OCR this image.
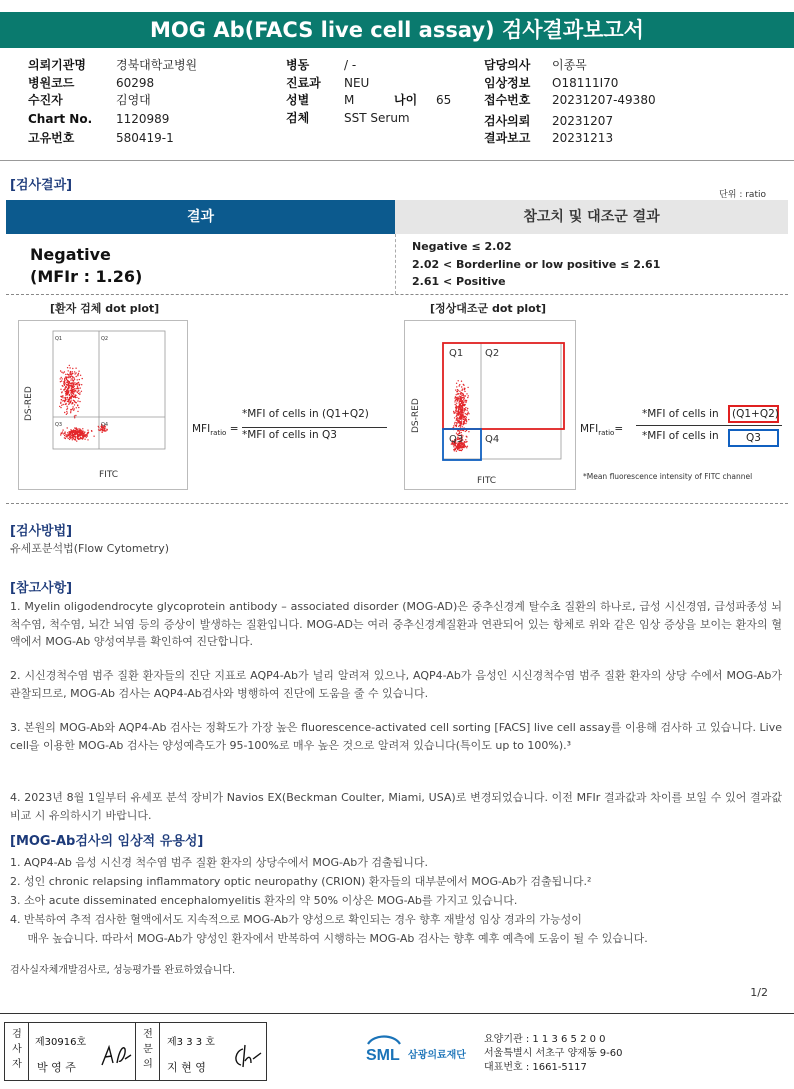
MOG Ab(FACS live cell assay) 검사결과보고서
의뢰기관명	경북대학교병원
병원코드	60298
수진자	김영대
Chart No. 1120989
고유번호	580419-1
병동	/ -
진료과 NEU
성별	M	나이 65
검체	SST Serum
담당의사 이종목
임상정보 O18111I70
접수번호 20231207-49380
검사의뢰 20231207
결과보고 20231213
[검사결과]
단위 : ratio
결과	참고치 및 대조군 결과
Negative
(MFIr : 1.26)
Negative ≤ 2.02
2.02 < Borderline or low positive ≤ 2.61
2.61 < Positive
[환자 검체 dot plot]
Q1	Q2
Q3	Q4
FITC
DS-RED
$MFI_{ratio}$ =
*MFI of cells in (Q1+Q2)
*MFI of cells in Q3
[정상대조군 dot plot]
Q1 Q2
Q3 Q4
FITC
DS-RED	$MFI_{ratio}=$
*MFI of cells in	(Q1+Q2)
*MFI of cells in	Q3
*Mean fluorescence intensity of FITC channel
[검사방법]
유세포분석법(Flow Cytometry)
[참고사항]
1. Myelin oligodendrocyte glycoprotein antibody – associated disorder (MOG-AD)은 중추신경계 탈수초 질환의 하나로, 급성 시신경염, 급성파종성 뇌척수염, 척수염, 뇌간 뇌염 등의 증상이 발생하는 질환입니다. MOG-AD는 여러 중추신경계질환과 연관되어 있는 항체로 위와 같은 임상 증상을 보이는 환자의 혈액에서 MOG-Ab 양성여부를 확인하여 진단합니다.
2. 시신경척수염 범주 질환 환자들의 진단 지표로 AQP4-Ab가 널리 알려져 있으나, AQP4-Ab가 음성인 시신경척수염 범주 질환 환자의 상당 수에서 MOG-Ab가 관찰되므로, MOG-Ab 검사는 AQP4-Ab검사와 병행하여 진단에 도움을 줄 수 있습니다.
3. 본원의 MOG-Ab와 AQP4-Ab 검사는 정확도가 가장 높은 fluorescence-activated cell sorting [FACS] live cell assay를 이용해 검사하 고 있습니다. Live cell을 이용한 MOG-Ab 검사는 양성예측도가 95-100%로 매우 높은 것으로 알려져 있습니다(특이도 up to 100%).³
4. 2023년 8월 1일부터 유세포 분석 장비가 Navios EX(Beckman Coulter, Miami, USA)로 변경되었습니다. 이전 MFIr 결과값과 차이를 보일 수 있어 결과값 비교 시 유의하시기 바랍니다.
[MOG-Ab검사의 임상적 유용성]
1. AQP4-Ab 음성 시신경 척수염 범주 질환 환자의 상당수에서 MOG-Ab가 검출됩니다.
2. 성인 chronic relapsing inflammatory optic neuropathy (CRION) 환자들의 대부분에서 MOG-Ab가 검출됩니다.²
3. 소아 acute disseminated encephalomyelitis 환자의 약 50% 이상은 MOG-Ab를 가지고 있습니다.
4. 반복하여 추적 검사한 혈액에서도 지속적으로 MOG-Ab가 양성으로 확인되는 경우 향후 재발성 임상 경과의 가능성이
매우 높습니다. 따라서 MOG-Ab가 양성인 환자에서 반복하여 시행하는 MOG-Ab 검사는 향후 예후 예측에 도움이 될 수 있습니다.
검사실자체개발검사로, 성능평가를 완료하였습니다.
1/2
검사자
제30916호
박 영 주
전문의
제3 3 3 호
지 현 영
SML 삼광의료재단
요양기관 : 1 1 3 6 5 2 0 0
서울특별시 서초구 양재동 9-60
대표번호 : 1661-5117
